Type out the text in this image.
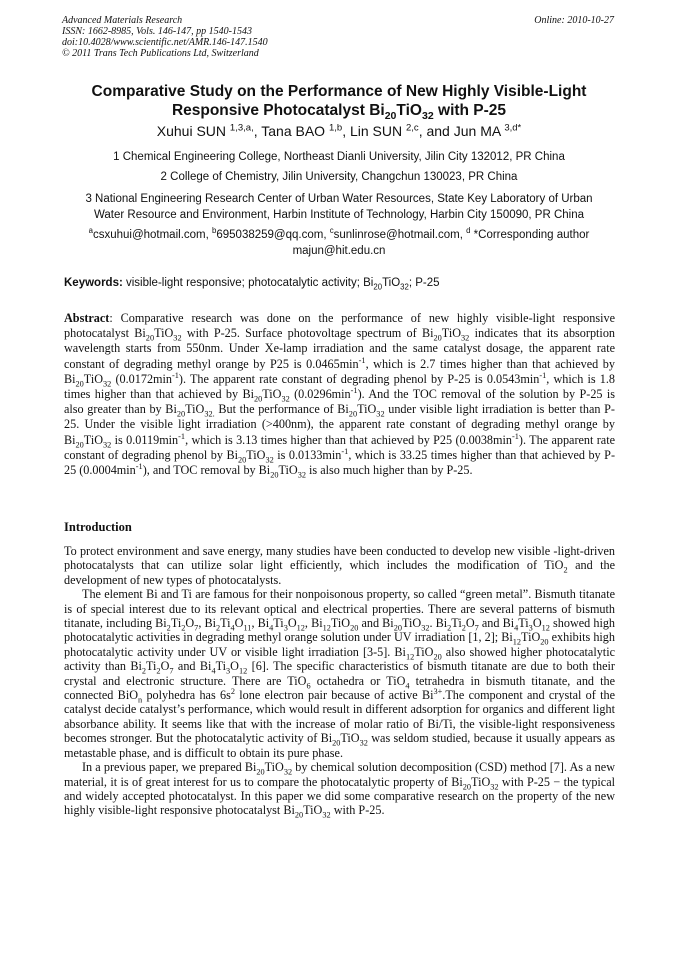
Advanced Materials Research
ISSN: 1662-8985, Vols. 146-147, pp 1540-1543
doi:10.4028/www.scientific.net/AMR.146-147.1540
© 2011 Trans Tech Publications Ltd, Switzerland
Online: 2010-10-27
Comparative Study on the Performance of New Highly Visible-Light
Responsive Photocatalyst $Bi_{20}TiO_{32}$ with P-25
Xuhui SUN $^{1,3,a,}$, Tana BAO $^{1,b}$, Lin SUN $^{2,c}$, and Jun MA $^{3,d*}$
1 Chemical Engineering College, Northeast Dianli University, Jilin City 132012, PR China
2 College of Chemistry, Jilin University, Changchun 130023, PR China
3 National Engineering Research Center of Urban Water Resources, State Key Laboratory of Urban
Water Resource and Environment, Harbin Institute of Technology, Harbin City 150090, PR China
$^a$csxuhui@hotmail.com, $^b$695038259@qq.com, $^c$sunlinrose@hotmail.com, $^d$ *Corresponding author
majun@hit.edu.cn
Keywords: visible-light responsive; photocatalytic activity; $Bi_{20}TiO_{32}$; P-25
Abstract: Comparative research was done on the performance of new highly visible-light responsive photocatalyst $Bi_{20}TiO_{32}$ with P-25. Surface photovoltage spectrum of $Bi_{20}TiO_{32}$ indicates that its absorption wavelength starts from 550nm. Under Xe-lamp irradiation and the same catalyst dosage, the apparent rate constant of degrading methyl orange by P25 is $0.0465\min^{-1}$, which is 2.7 times higher than that achieved by $Bi_{20}TiO_{32}$ $(0.0172\min^{-1})$. The apparent rate constant of degrading phenol by P-25 is $0.0543\min^{-1}$, which is 1.8 times higher than that achieved by $Bi_{20}TiO_{32}$ $(0.0296\min^{-1})$. And the TOC removal of the solution by P-25 is also greater than by $Bi_{20}TiO_{32.}$ But the performance of $Bi_{20}TiO_{32}$ under visible light irradiation is better than P-25. Under the visible light irradiation (>400nm), the apparent rate constant of degrading methyl orange by $Bi_{20}TiO_{32}$ is $0.0119\min^{-1}$, which is 3.13 times higher than that achieved by P25 $(0.0038\min^{-1})$. The apparent rate constant of degrading phenol by $Bi_{20}TiO_{32}$ is $0.0133\min^{-1}$, which is 33.25 times higher than that achieved by P-25 $(0.0004\min^{-1})$, and TOC removal by $Bi_{20}TiO_{32}$ is also much higher than by P-25.
Introduction

To protect environment and save energy, many studies have been conducted to develop new visible -light-driven photocatalysts that can utilize solar light efficiently, which includes the modification of TiO$_2$ and the development of new types of photocatalysts.

The element Bi and Ti are famous for their nonpoisonous property, so called “green metal”. Bismuth titanate is of special interest due to its relevant optical and electrical properties. There are several patterns of bismuth titanate, including $Bi_2Ti_2O_7$, $Bi_2Ti_4O_{11}$, $Bi_4Ti_3O_{12}$, $Bi_{12}TiO_{20}$ and $Bi_{20}TiO_{32}$. $Bi_2Ti_2O_7$ and $Bi_4Ti_3O_{12}$ showed high photocatalytic activities in degrading methyl orange solution under UV irradiation [1, 2]; $Bi_{12}TiO_{20}$ exhibits high photocatalytic activity under UV or visible light irradiation [3-5]. $Bi_{12}TiO_{20}$ also showed higher photocatalytic activity than $Bi_2Ti_2O_7$ and $Bi_4Ti_3O_{12}$ [6]. The specific characteristics of bismuth titanate are due to both their crystal and electronic structure. There are TiO$_6$ octahedra or TiO$_4$ tetrahedra in bismuth titanate, and the connected BiO$_n$ polyhedra has $6s^2$ lone electron pair because of active $Bi^{3+}.The$ component and crystal of the catalyst decide catalyst’s performance, which would result in different adsorption for organics and different light absorbance ability. It seems like that with the increase of molar ratio of Bi/Ti, the visible-light responsiveness becomes stronger. But the photocatalytic activity of $Bi_{20}TiO_{32}$ was seldom studied, because it usually appears as metastable phase, and is difficult to obtain its pure phase.

In a previous paper, we prepared $Bi_{20}TiO_{32}$ by chemical solution decomposition (CSD) method [7]. As a new material, it is of great interest for us to compare the photocatalytic property of $Bi_{20}TiO_{32}$ with P-25 − the typical and widely accepted photocatalyst. In this paper we did some comparative research on the property of the new highly visible-light responsive photocatalyst $Bi_{20}TiO_{32}$ with P-25.
